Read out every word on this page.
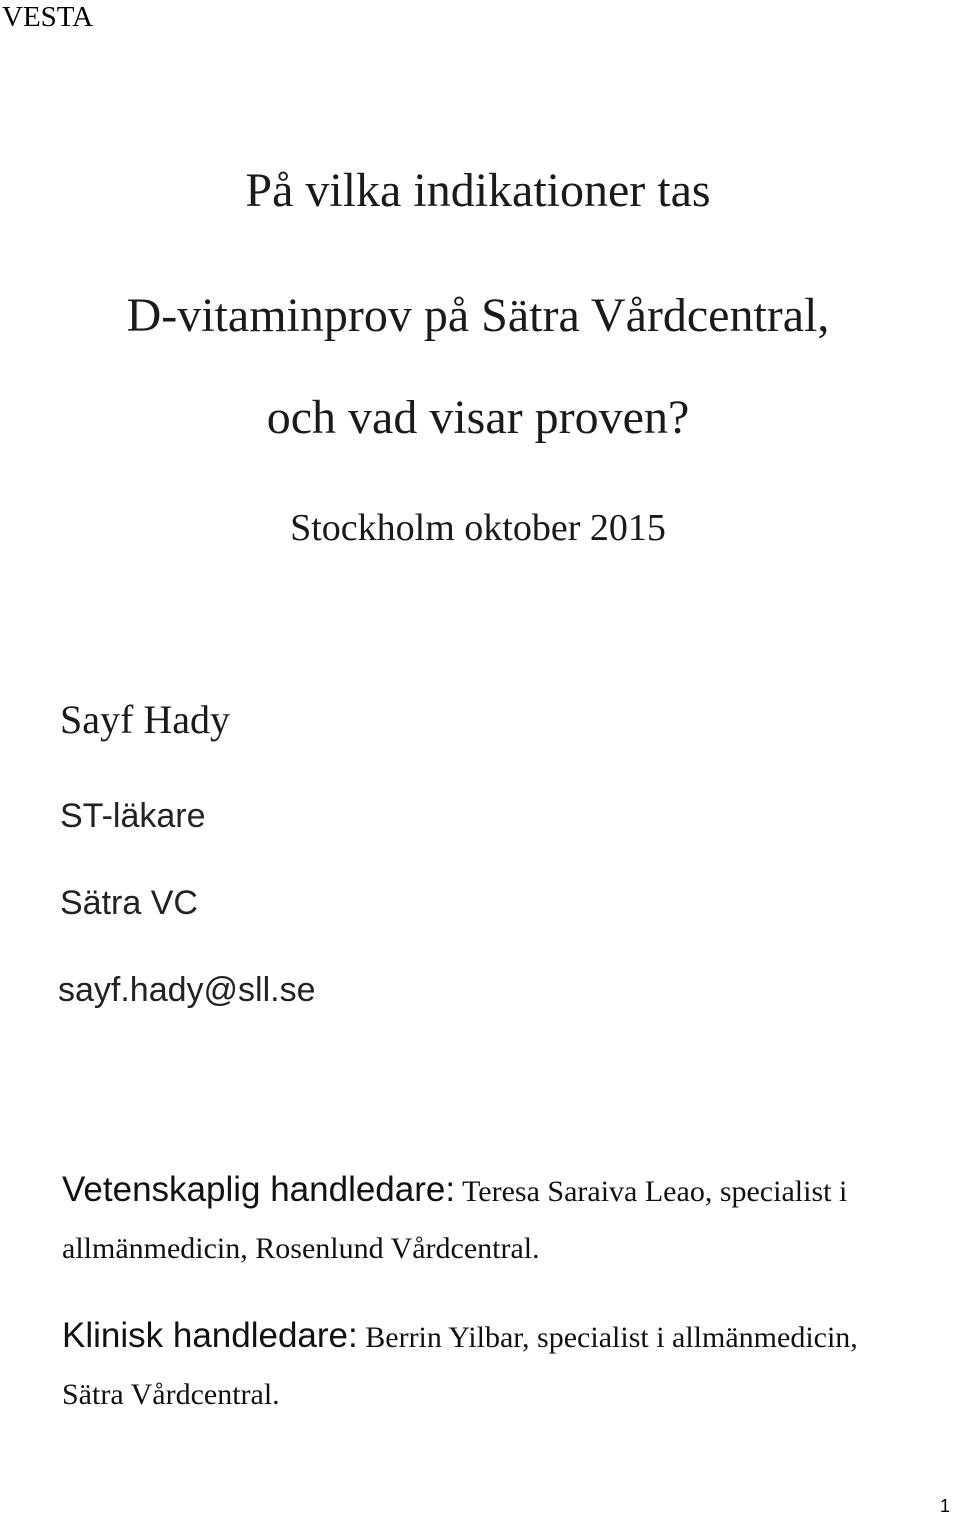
VESTA
På vilka indikationer tas
D-vitaminprov på Sätra Vårdcentral,
och vad visar proven?
Stockholm oktober 2015
Sayf Hady
ST-läkare
Sätra VC
sayf.hady@sll.se
Vetenskaplig handledare: Teresa Saraiva Leao, specialist i
allmänmedicin, Rosenlund Vårdcentral.
Klinisk handledare: Berrin Yilbar, specialist i allmänmedicin,
Sätra Vårdcentral.
1
